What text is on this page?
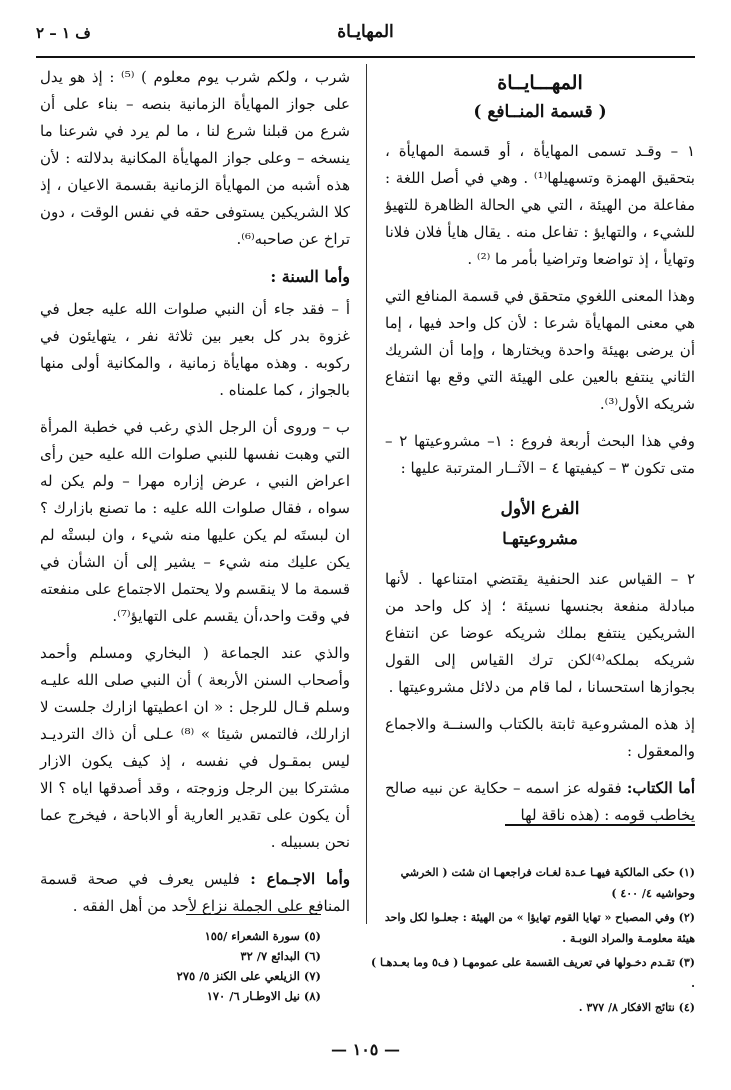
المهايـاة
ف ١ – ٢
المهـــايــاة
( قسمة المنــافع )

١ – وقـد تسمى المهايأة ، أو قسمة المهايأة ، بتحقيق الهمزة وتسهيلها⁽¹⁾ . وهي في أصل اللغة : مفاعلة من الهيئة ، التي هي الحالة الظاهرة للتهيؤ للشيء ، والتهايؤ : تفاعل منه . يقال هايأ فلان فلانا وتهايأ ، إذ تواضعا وتراضيا بأمر ما ⁽²⁾ .

وهذا المعنى اللغوي متحقق في قسمة المنافع التي هي معنى المهايأة شرعا : لأن كل واحد فيها ، إما أن يرضى بهيئة واحدة ويختارها ، وإما أن الشريك الثاني ينتفع بالعين على الهيئة التي وقع بها انتفاع شريكه الأول⁽³⁾.

وفي هذا البحث أربعة فروع : ١– مشروعيتها ٢ – متى تكون ٣ – كيفيتها ٤ – الآثــار المترتبة عليها :

الفرع الأول
مشروعيتهـا

٢ – القياس عند الحنفية يقتضي امتناعها . لأنها مبادلة منفعة بجنسها نسيئة ؛ إذ كل واحد من الشريكين ينتفع بملك شريكه عوضا عن انتفاع شريكه بملكه⁽⁴⁾لكن ترك القياس إلى القول بجوازها استحسانا ، لما قام من دلائل مشروعيتها .

إذ هذه المشروعية ثابتة بالكتاب والسنــة والاجماع والمعقول :

أما الكتاب: فقوله عز اسمه – حكاية عن نبيه صالح يخاطب قومه : (هذه ناقة لها

شرب ، ولكم شرب يوم معلوم ) ⁽⁵⁾ : إذ هو يدل على جواز المهايأة الزمانية بنصه – بناء على أن شرع من قبلنا شرع لنا ، ما لم يرد في شرعنا ما ينسخه – وعلى جواز المهايأة المكانية بدلالته : لأن هذه أشبه من المهايأة الزمانية بقسمة الاعيان ، إذ كلا الشريكين يستوفى حقه في نفس الوقت ، دون تراخ عن صاحبه⁽⁶⁾.

وأما السنة :

أ – فقد جاء أن النبي صلوات الله عليه جعل في غزوة بدر كل بعير بين ثلاثة نفر ، يتهايئون في ركوبه . وهذه مهايأة زمانية ، والمكانية أولى منها بالجواز ، كما علمناه .

ب – وروى أن الرجل الذي رغب في خطبة المرأة التي وهبت نفسها للنبي صلوات الله عليه حين رأى اعراض النبي ، عرض إزاره مهرا – ولم يكن له سواه ، فقال صلوات الله عليه : ما تصنع بازارك ؟ان لبستَه لم يكن عليها منه شيء ، وان لبستْه لم يكن عليك منه شيء – يشير إلى أن الشأن في قسمة ما لا ينقسم ولا يحتمل الاجتماع على منفعته في وقت واحد،أن يقسم على التهايؤ⁽⁷⁾.

والذي عند الجماعة ( البخاري ومسلم وأحمد وأصحاب السنن الأربعة ) أن النبي صلى الله عليـه وسلم قـال للرجل : « ان اعطيتها ازارك جلست لا ازارلك، فالتمس شيئا » ⁽⁸⁾ عـلى أن ذاك الترديـد ليس بمقـول في نفسه ، إذ كيف يكون الازار مشتركا بين الرجل وزوجته ، وقد أصدقها اياه ؟ الا أن يكون على تقدير العارية أو الاباحة ، فيخرج عما نحن بسبيله .

وأما الاجـماع : فليس يعرف في صحة قسمة المنافع على الجملة نزاع لأحد من أهل الفقه .

(١) حكى المالكية فيهـا عـدة لغـات فراجعهـا ان شئت ( الخرشي وحواشيه ٤/ ٤٠٠ )
(٢) وفي المصباح « تهايا القوم تهايؤا » من الهيئة : جعلـوا لكل واحد هيئة معلومـة والمراد النوبـة .
(٣) تقـدم دخـولها في تعريف القسمة على عمومهـا ( ف٥ وما بعـدهـا ) .
(٤) نتائج الافكار ٨/ ٣٧٧ .
(٥) سورة الشعراء /١٥٥
(٦) البدائع ٧/ ٣٢
(٧) الزيلعي على الكنز ٥/ ٢٧٥
(٨) نيل الاوطـار ٦/ ١٧٠
— ١٠٥ —
